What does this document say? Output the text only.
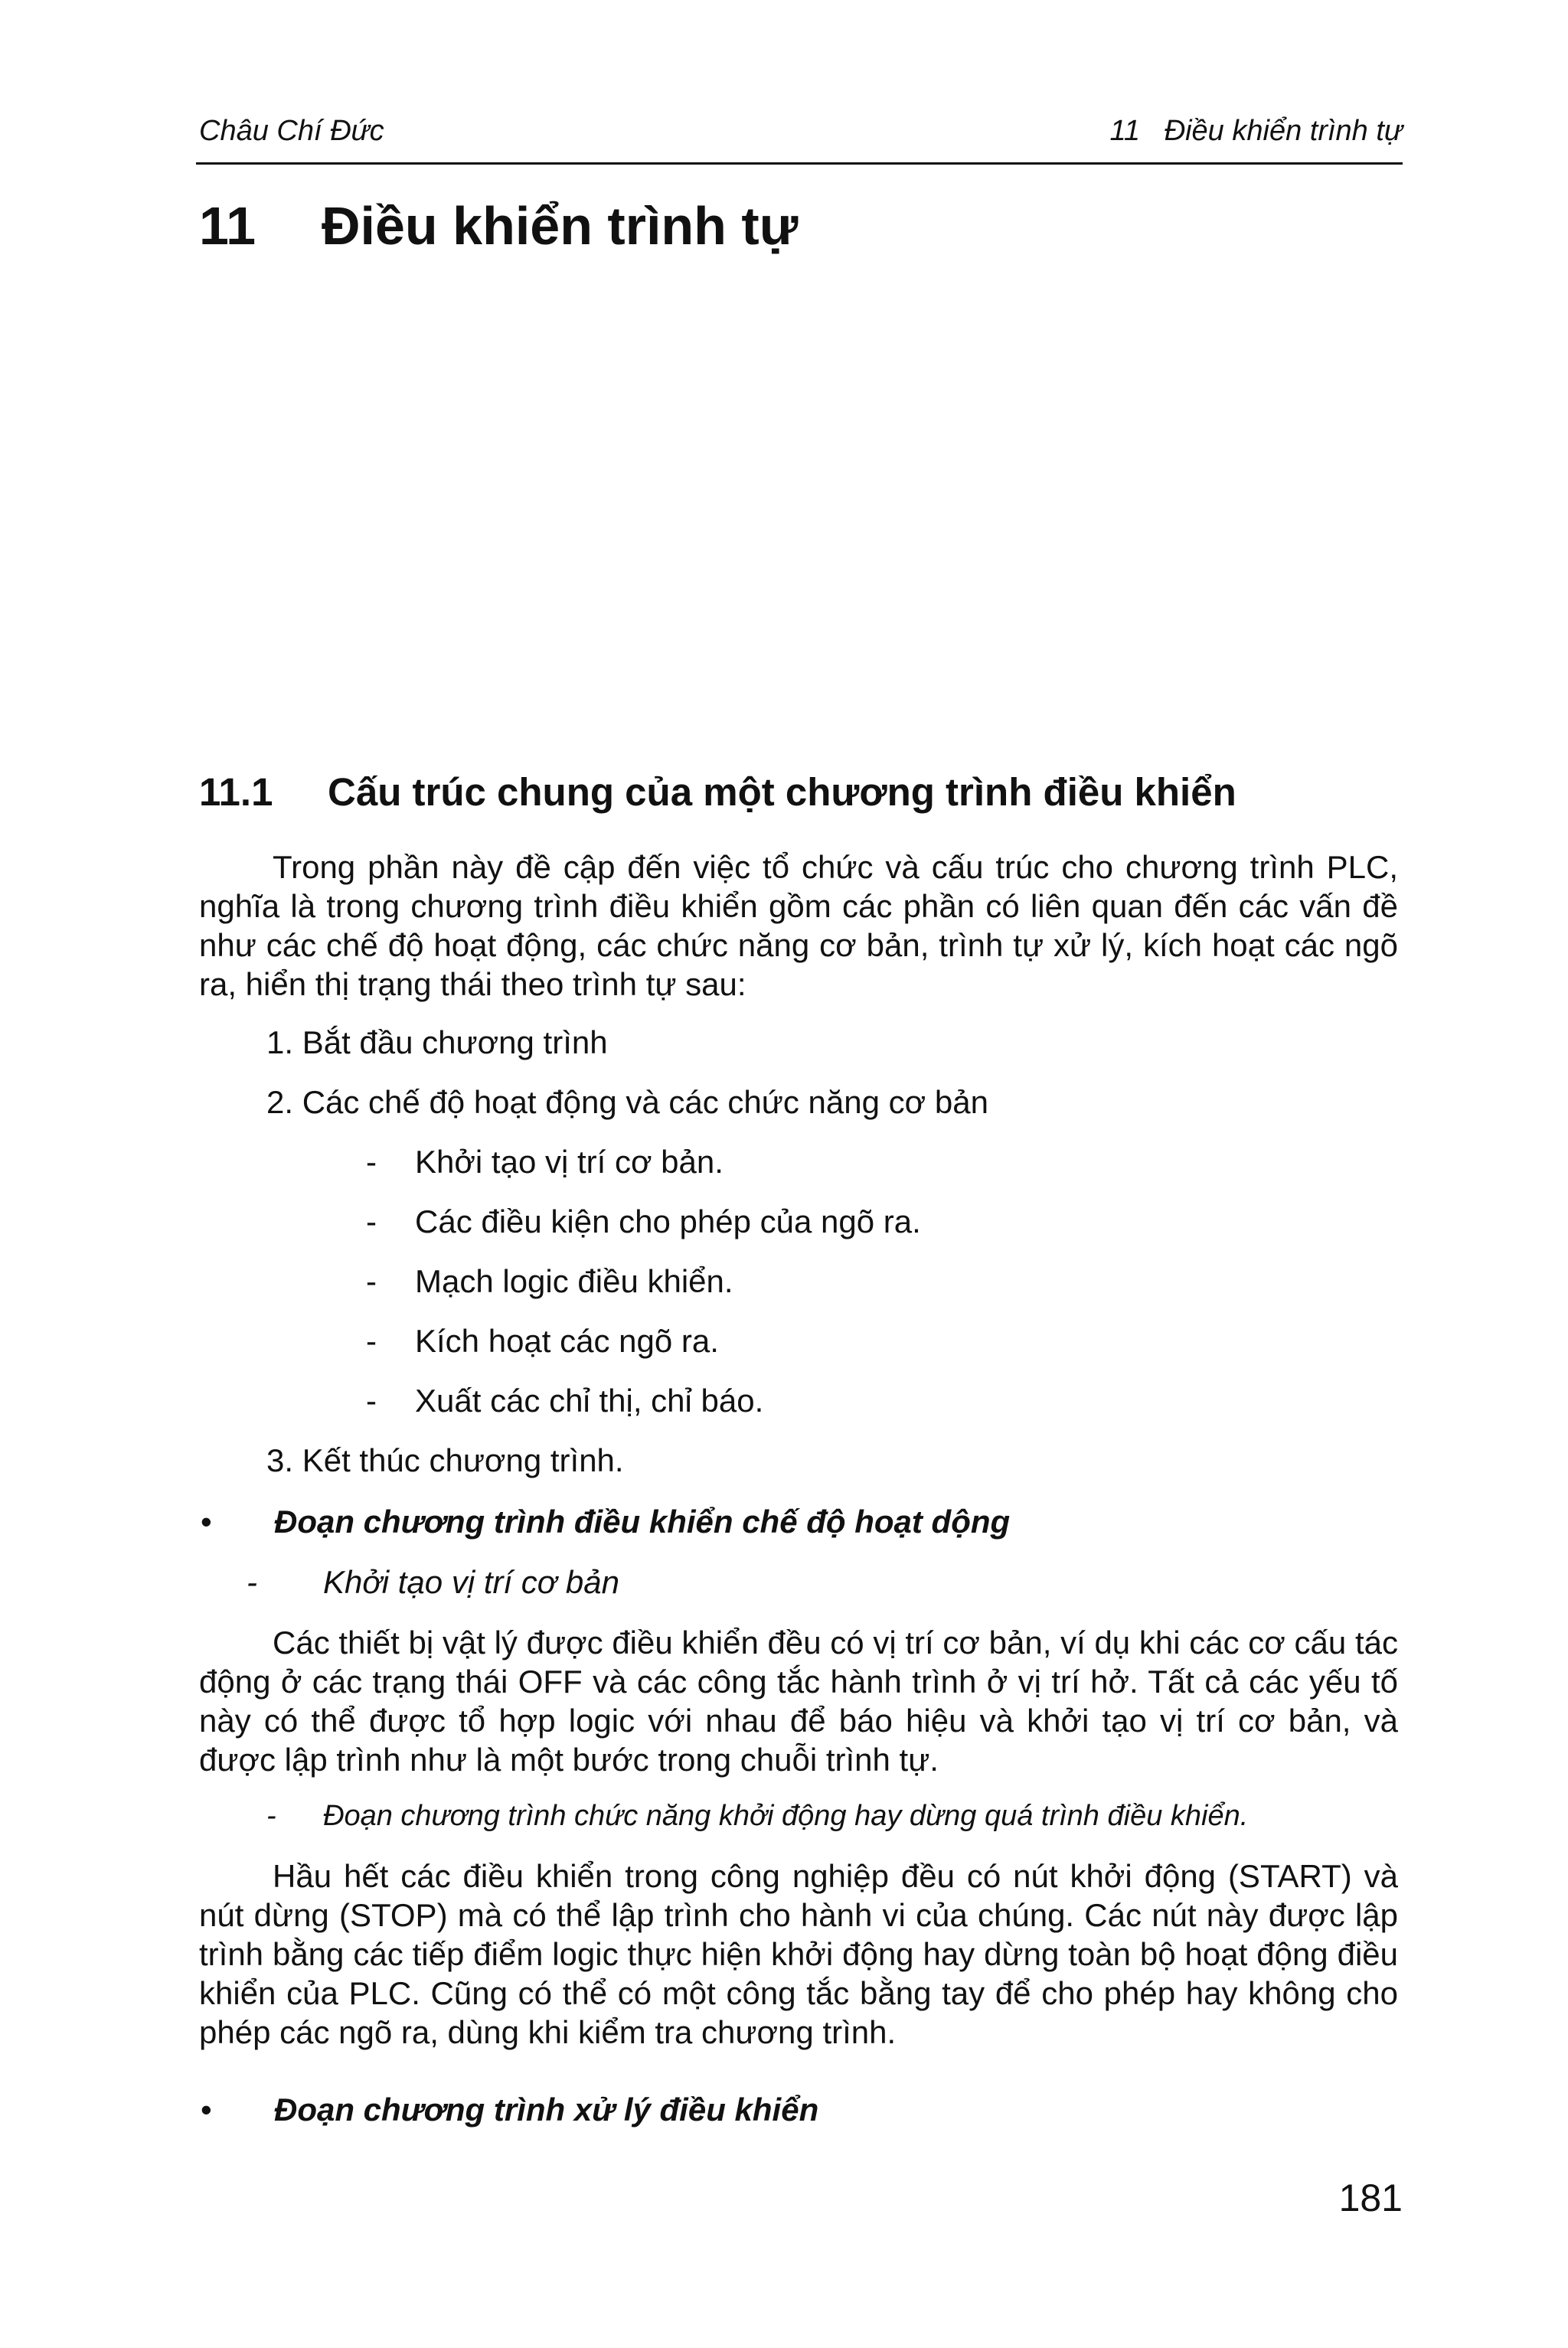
Châu Chí Đức	11   Điều khiển trình tự
11 Điều khiển trình tự
11.1 Cấu trúc chung của một chương trình điều khiển

Trong phần này đề cập đến việc tổ chức và cấu trúc cho chương trình PLC, nghĩa là trong chương trình điều khiển gồm các phần có liên quan đến các vấn đề như các chế độ hoạt động, các chức năng cơ bản, trình tự xử lý, kích hoạt các ngõ ra, hiển thị trạng thái theo trình tự sau:

1. Bắt đầu chương trình
2. Các chế độ hoạt động và các chức năng cơ bản
- Khởi tạo vị trí cơ bản.
- Các điều kiện cho phép của ngõ ra.
- Mạch logic điều khiển.
- Kích hoạt các ngõ ra.
- Xuất các chỉ thị, chỉ báo.
3. Kết thúc chương trình.
• Đoạn chương trình điều khiển chế độ hoạt dộng
- Khởi tạo vị trí cơ bản

Các thiết bị vật lý được điều khiển đều có vị trí cơ bản, ví dụ khi các cơ cấu tác động ở các trạng thái OFF và các công tắc hành trình ở vị trí hở. Tất cả các yếu tố này có thể được tổ hợp logic với nhau để báo hiệu và khởi tạo vị trí cơ bản, và được lập trình như là một bước trong chuỗi trình tự.

- Đoạn chương trình chức năng khởi động hay dừng quá trình điều khiển.

Hầu hết các điều khiển trong công nghiệp đều có nút khởi động (START) và nút dừng (STOP) mà có thể lập trình cho hành vi của chúng. Các nút này được lập trình bằng các tiếp điểm logic thực hiện khởi động hay dừng toàn bộ hoạt động điều khiển của PLC. Cũng có thể có một công tắc bằng tay để cho phép hay không cho phép các ngõ ra, dùng khi kiểm tra chương trình.

• Đoạn chương trình xử lý điều khiển
181
